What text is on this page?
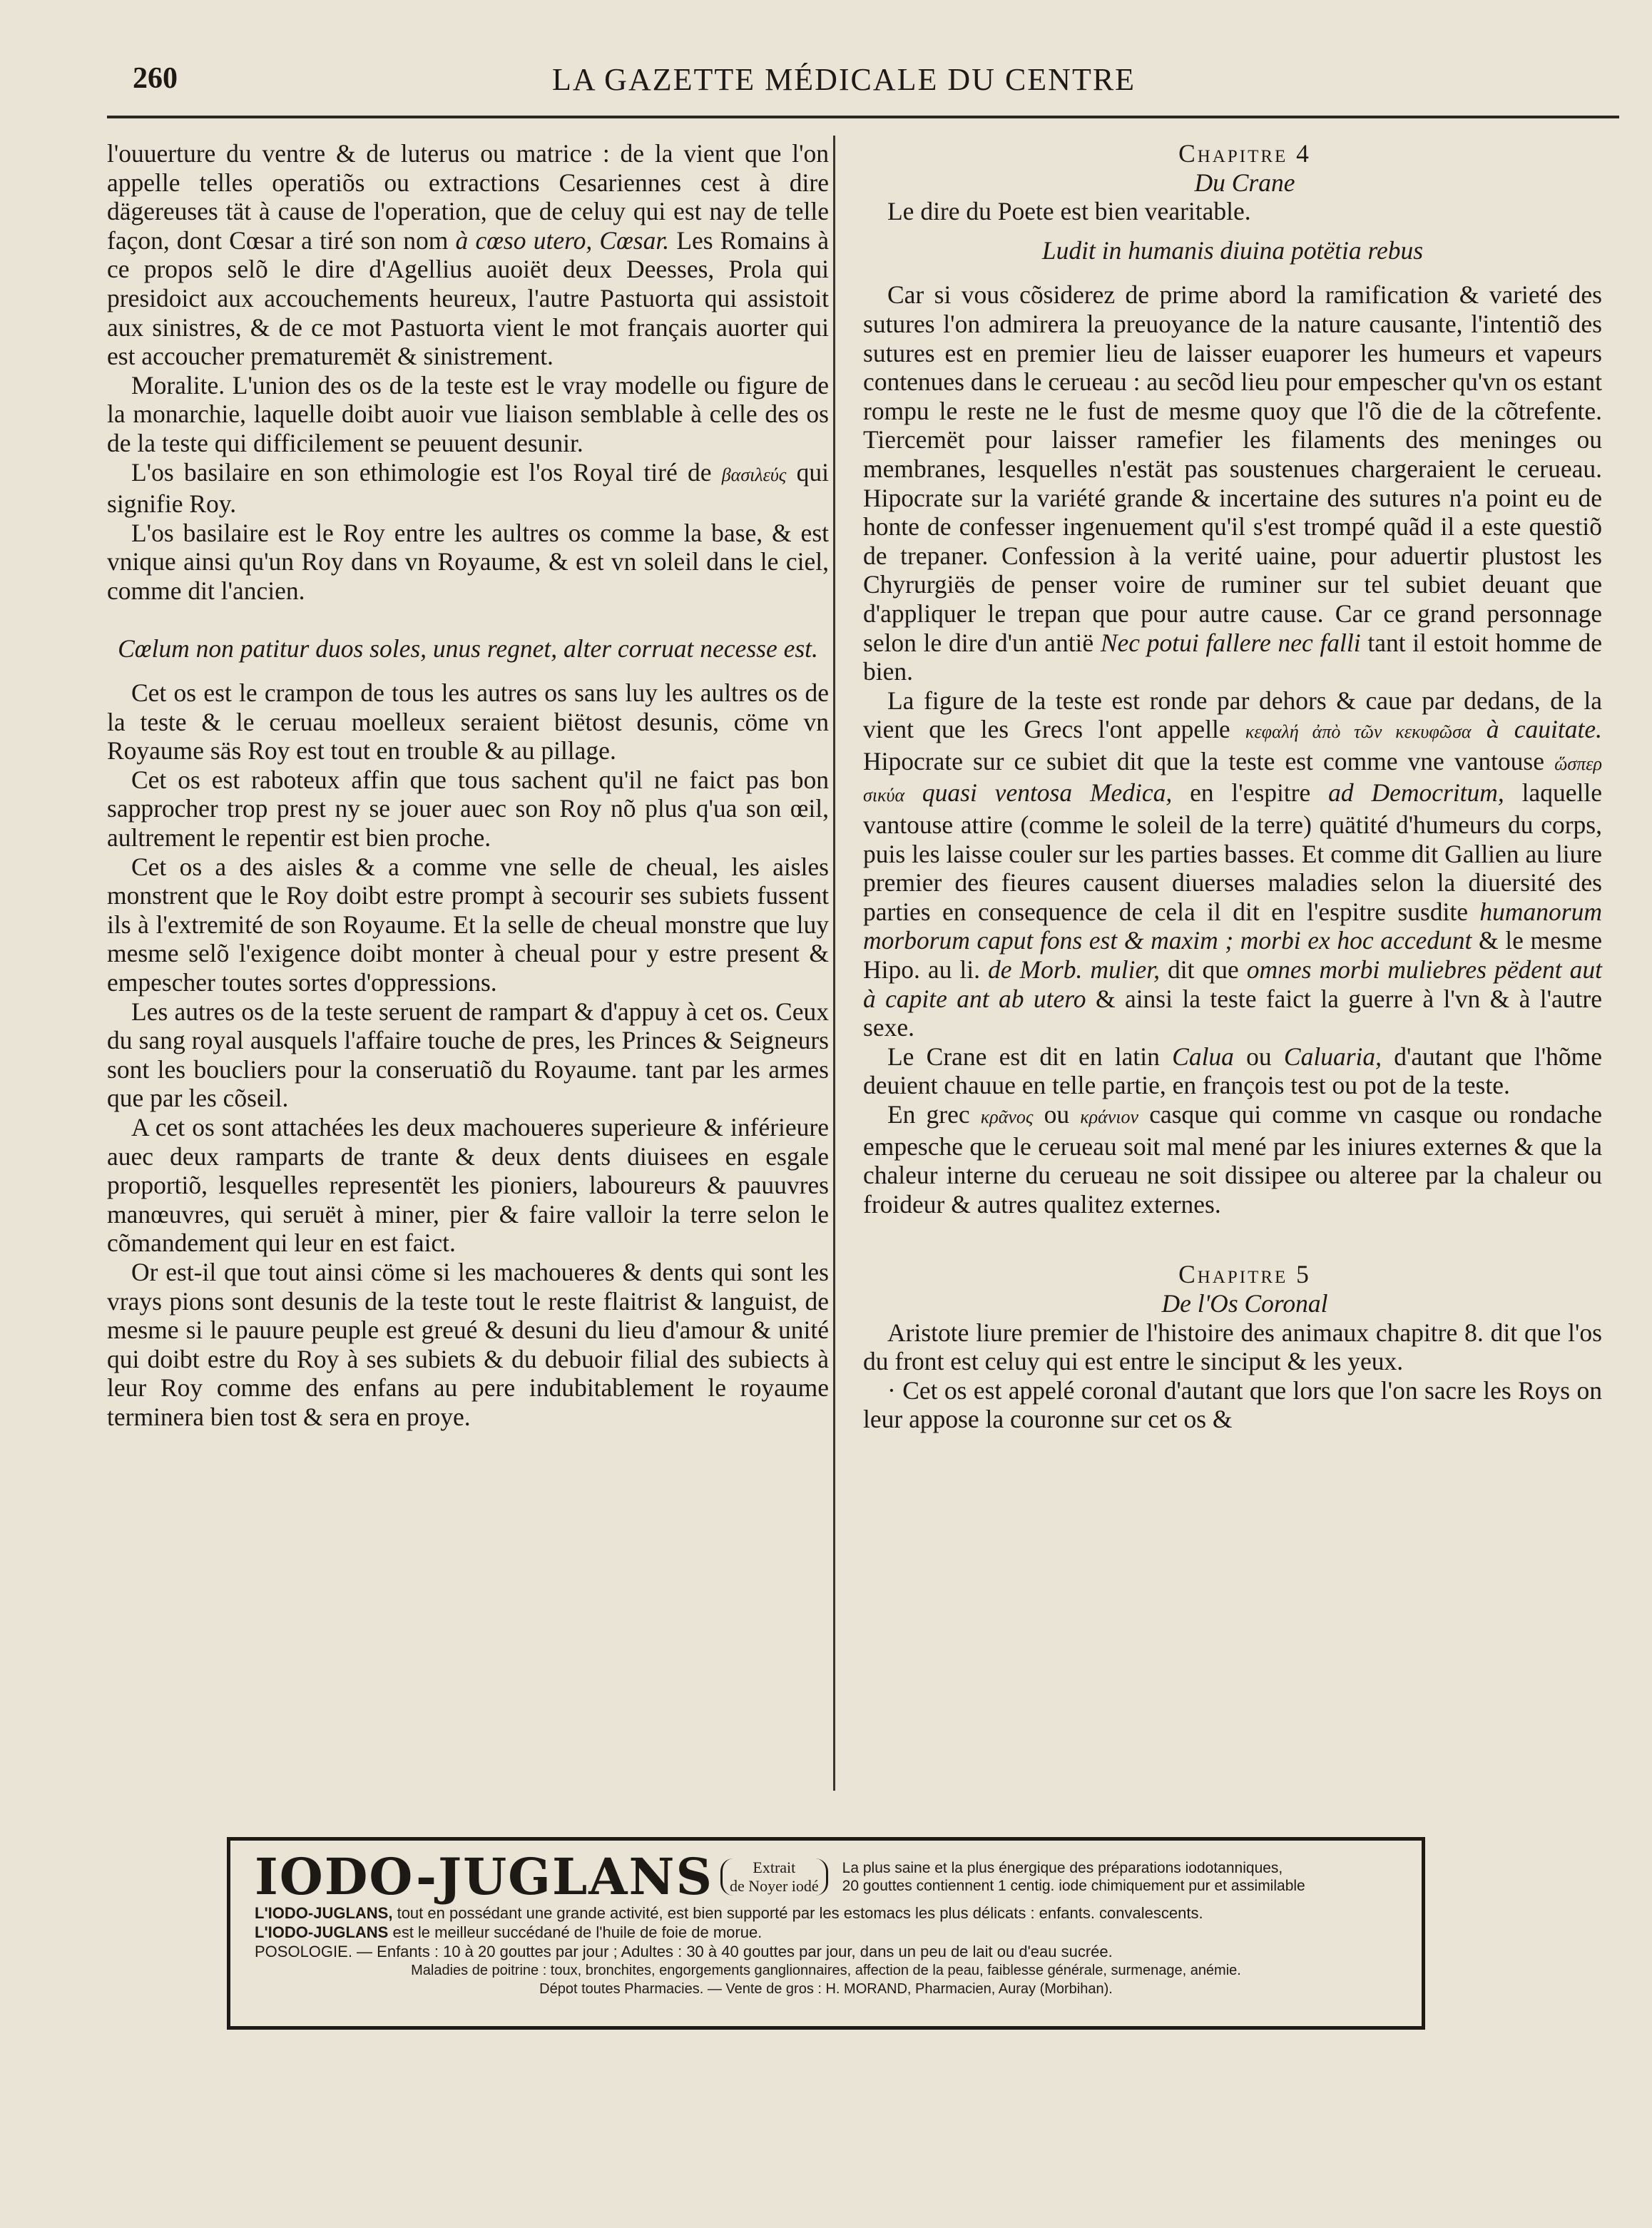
260	LA GAZETTE MÉDICALE DU CENTRE

l'ouuerture du ventre & de luterus ou matrice : de la vient que l'on appelle telles operatiõs ou extractions Cesariennes cest à dire dägereuses tät à cause de l'operation, que de celuy qui est nay de telle façon, dont Cœsar a tiré son nom à cœso utero, Cœsar. Les Romains à ce propos selõ le dire d'Agellius auoiët deux Deesses, Prola qui presidoict aux accouchements heureux, l'autre Pastuorta qui assistoit aux sinistres, & de ce mot Pastuorta vient le mot français auorter qui est accoucher prematuremët & sinistrement.

Moralite. L'union des os de la teste est le vray modelle ou figure de la monarchie, laquelle doibt auoir vue liaison semblable à celle des os de la teste qui difficilement se peuuent desunir.

L'os basilaire en son ethimologie est l'os Royal tiré de βασιλεύς qui signifie Roy.

L'os basilaire est le Roy entre les aultres os comme la base, & est vnique ainsi qu'un Roy dans vn Royaume, & est vn soleil dans le ciel, comme dit l'ancien.

Cœlum non patitur duos soles, unus regnet, alter corruat necesse est.

Cet os est le crampon de tous les autres os sans luy les aultres os de la teste & le ceruau moelleux seraient biëtost desunis, cöme vn Royaume säs Roy est tout en trouble & au pillage.

Cet os est raboteux affin que tous sachent qu'il ne faict pas bon sapprocher trop prest ny se jouer auec son Roy nõ plus q'ua son œil, aultrement le repentir est bien proche.

Cet os a des aisles & a comme vne selle de cheual, les aisles monstrent que le Roy doibt estre prompt à secourir ses subiets fussent ils à l'extremité de son Royaume. Et la selle de cheual monstre que luy mesme selõ l'exigence doibt monter à cheual pour y estre present & empescher toutes sortes d'oppressions.

Les autres os de la teste seruent de rampart & d'appuy à cet os. Ceux du sang royal ausquels l'affaire touche de pres, les Princes & Seigneurs sont les boucliers pour la conseruatiõ du Royaume. tant par les armes que par les cõseil.

A cet os sont attachées les deux machoueres superieure & inférieure auec deux ramparts de trante & deux dents diuisees en esgale proportiõ, lesquelles representët les pioniers, laboureurs & pauuvres manœuvres, qui seruët à miner, pier & faire valloir la terre selon le cõmandement qui leur en est faict.

Or est-il que tout ainsi cöme si les machoueres & dents qui sont les vrays pions sont desunis de la teste tout le reste flaitrist & languist, de mesme si le pauure peuple est greué & desuni du lieu d'amour & unité qui doibt estre du Roy à ses subiets & du debuoir filial des subiects à leur Roy comme des enfans au pere indubitablement le royaume terminera bien tost & sera en proye.

Chapitre 4

Du Crane

Le dire du Poete est bien vearitable.

Ludit in humanis diuina potëtia rebus

Car si vous cõsiderez de prime abord la ramification & varieté des sutures l'on admirera la preuoyance de la nature causante, l'intentiõ des sutures est en premier lieu de laisser euaporer les humeurs et vapeurs contenues dans le cerueau : au secõd lieu pour empescher qu'vn os estant rompu le reste ne le fust de mesme quoy que l'õ die de la cõtrefente. Tiercemët pour laisser ramefier les filaments des meninges ou membranes, lesquelles n'estät pas soustenues chargeraient le cerueau. Hipocrate sur la variété grande & incertaine des sutures n'a point eu de honte de confesser ingenuement qu'il s'est trompé quãd il a este questiõ de trepaner. Confession à la verité uaine, pour aduertir plustost les Chyrurgiës de penser voire de ruminer sur tel subiet deuant que d'appliquer le trepan que pour autre cause. Car ce grand personnage selon le dire d'un antië Nec potui fallere nec falli tant il estoit homme de bien.

La figure de la teste est ronde par dehors & caue par dedans, de la vient que les Grecs l'ont appelle κεφαλή ἀπὸ τῶν κεκυφῶσα à cauitate. Hipocrate sur ce subiet dit que la teste est comme vne vantouse ὥσπερ σικύα quasi ventosa Medica, en l'espitre ad Democritum, laquelle vantouse attire (comme le soleil de la terre) quätité d'humeurs du corps, puis les laisse couler sur les parties basses. Et comme dit Gallien au liure premier des fieures causent diuerses maladies selon la diuersité des parties en consequence de cela il dit en l'espitre susdite humanorum morborum caput fons est & maxim ; morbi ex hoc accedunt & le mesme Hipo. au li. de Morb. mulier, dit que omnes morbi muliebres pëdent aut à capite ant ab utero & ainsi la teste faict la guerre à l'vn & à l'autre sexe.

Le Crane est dit en latin Calua ou Caluaria, d'autant que l'hõme deuient chauue en telle partie, en françois test ou pot de la teste.

En grec κρᾶνος ou κράνιον casque qui comme vn casque ou rondache empesche que le cerueau soit mal mené par les iniures externes & que la chaleur interne du cerueau ne soit dissipee ou alteree par la chaleur ou froideur & autres qualitez externes.

Chapitre 5

De l'Os Coronal

Aristote liure premier de l'histoire des animaux chapitre 8. dit que l'os du front est celuy qui est entre le sinciput & les yeux.

· Cet os est appelé coronal d'autant que lors que l'on sacre les Roys on leur appose la couronne sur cet os &

IODO-JUGLANS	Extrait
de Noyer iodé
La plus saine et la plus énergique des préparations iodotanniques,
20 gouttes contiennent 1 centig. iode chimiquement pur et assimilable
L'IODO-JUGLANS, tout en possédant une grande activité, est bien supporté par les estomacs les plus délicats : enfants. convalescents.
L'IODO-JUGLANS est le meilleur succédané de l'huile de foie de morue.
POSOLOGIE. — Enfants : 10 à 20 gouttes par jour ; Adultes : 30 à 40 gouttes par jour, dans un peu de lait ou d'eau sucrée.
Maladies de poitrine : toux, bronchites, engorgements ganglionnaires, affection de la peau, faiblesse générale, surmenage, anémie.
Dépot toutes Pharmacies. — Vente de gros : H. MORAND, Pharmacien, Auray (Morbihan).
